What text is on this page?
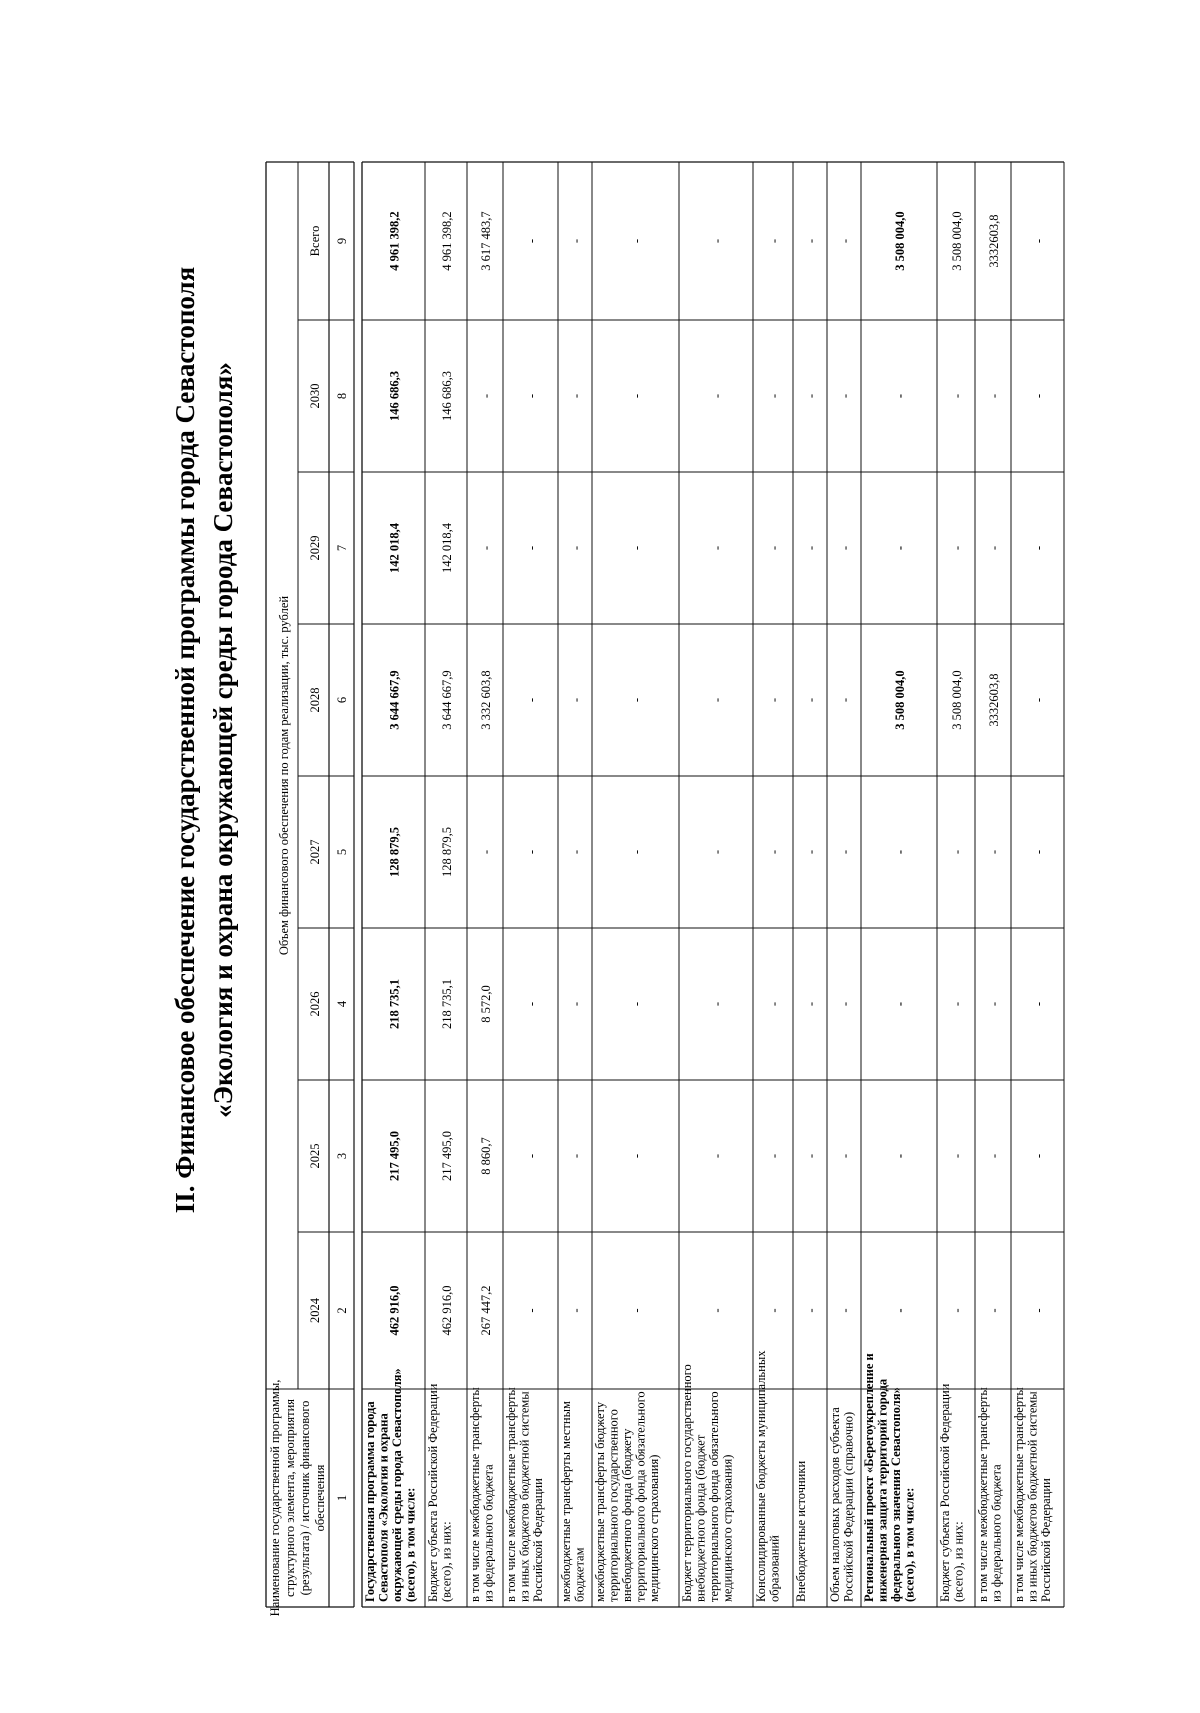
II. Финансовое обеспечение государственной программы города Севастополя «Экология и охрана окружающей среды города Севастополя»
Наименование государственной программы, структурного элемента, мероприятия (результата) / источник финансового обеспечения
Объем финансового обеспечения по годам реализации, тыс. рублей
2024
2025
2026
2027
2028
2029
2030
Всего
1
2
3
4
5
6
7
8
9
Государственная программа города Севастополя «Экология и охрана окружающей среды города Севастополя» (всего), в том числе:
462 916,0
217 495,0
218 735,1
128 879,5
3 644 667,9
142 018,4
146 686,3
4 961 398,2
Бюджет субъекта Российской Федерации (всего), из них:
462 916,0
217 495,0
218 735,1
128 879,5
3 644 667,9
142 018,4
146 686,3
4 961 398,2
в том числе межбюджетные трансферты из федерального бюджета
267 447,2
8 860,7
8 572,0
-
3 332 603,8
-
-
3 617 483,7
в том числе межбюджетные трансферты из иных бюджетов бюджетной системы Российской Федерации
-
-
-
-
-
-
-
-
межбюджетные трансферты местным бюджетам
-
-
-
-
-
-
-
-
межбюджетные трансферты бюджету территориального государственного внебюджетного фонда (бюджету территориального фонда обязательного медицинского страхования)
-
-
-
-
-
-
-
-
Бюджет территориального государственного внебюджетного фонда (бюджет территориального фонда обязательного медицинского страхования)
-
-
-
-
-
-
-
-
Консолидированные бюджеты муниципальных образований
-
-
-
-
-
-
-
-
Внебюджетные источники
-
-
-
-
-
-
-
-
Объем налоговых расходов субъекта Российской Федерации (справочно)
-
-
-
-
-
-
-
-
Региональный проект «Берегоукрепление и инженерная защита территорий города федерального значения Севастополя» (всего), в том числе:
-
-
-
-
3 508 004,0
-
-
3 508 004,0
Бюджет субъекта Российской Федерации (всего), из них:
-
-
-
-
3 508 004,0
-
-
3 508 004,0
в том числе межбюджетные трансферты из федерального бюджета
-
-
-
-
3332603,8
-
-
3332603,8
в том числе межбюджетные трансферты из иных бюджетов бюджетной системы Российской Федерации
-
-
-
-
-
-
-
-
